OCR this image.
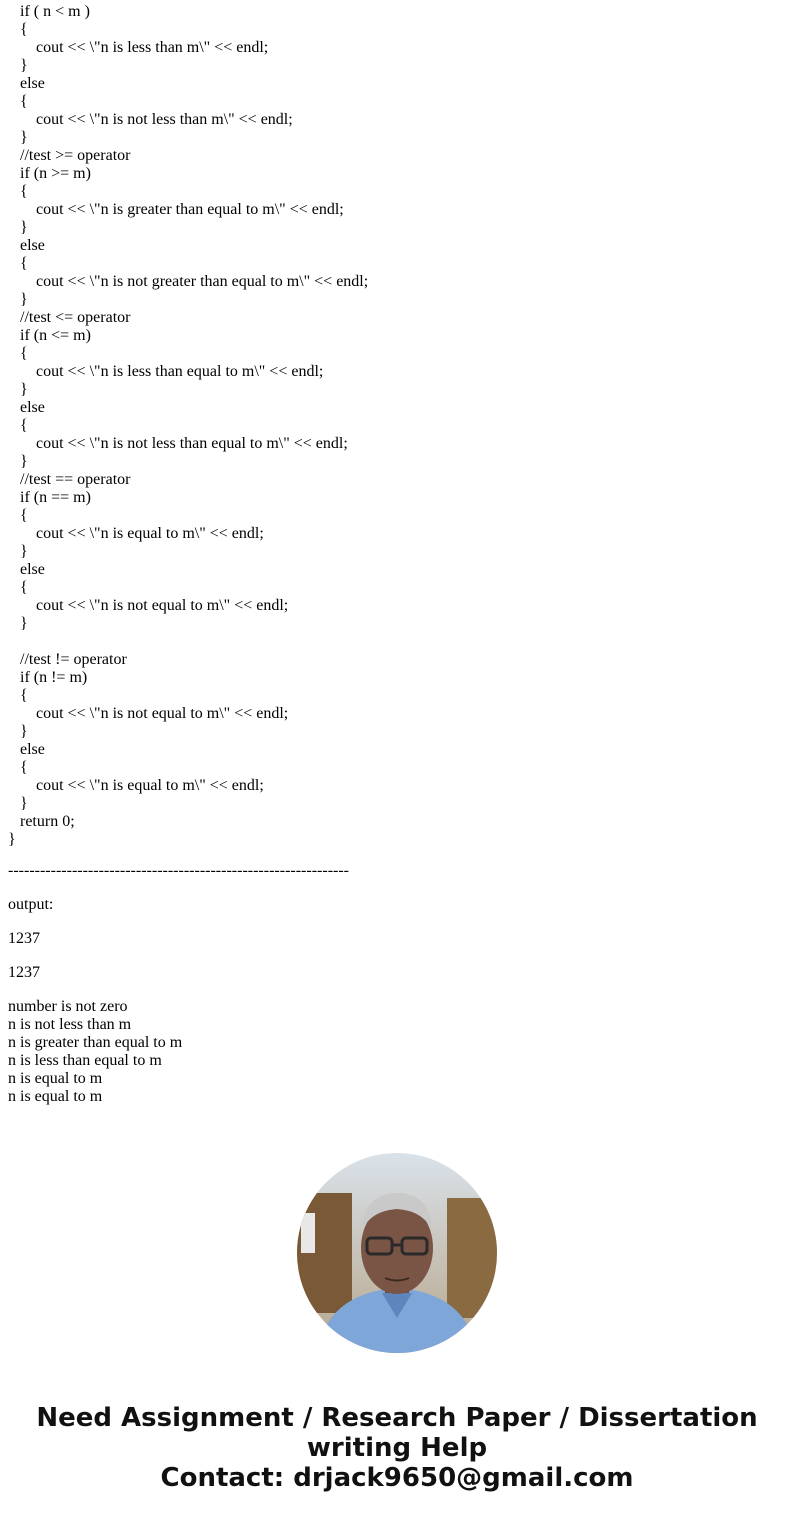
if ( n < m )
{
cout << \"n is less than m\" << endl;
}
else
{
cout << \"n is not less than m\" << endl;
}
//test >= operator
if (n >= m)
{
cout << \"n is greater than equal to m\" << endl;
}
else
{
cout << \"n is not greater than equal to m\" << endl;
}
//test <= operator
if (n <= m)
{
cout << \"n is less than equal to m\" << endl;
}
else
{
cout << \"n is not less than equal to m\" << endl;
}
//test == operator
if (n == m)
{
cout << \"n is equal to m\" << endl;
}
else
{
cout << \"n is not equal to m\" << endl;
}
//test != operator
if (n != m)
{
cout << \"n is not equal to m\" << endl;
}
else
{
cout << \"n is equal to m\" << endl;
}
return 0;
}
----------------------------------------------------------------
output:
1237
1237
number is not zero
n is not less than m
n is greater than equal to m
n is less than equal to m
n is equal to m
n is equal to m
Need Assignment / Research Paper / Dissertation
writing Help
Contact: drjack9650@gmail.com
